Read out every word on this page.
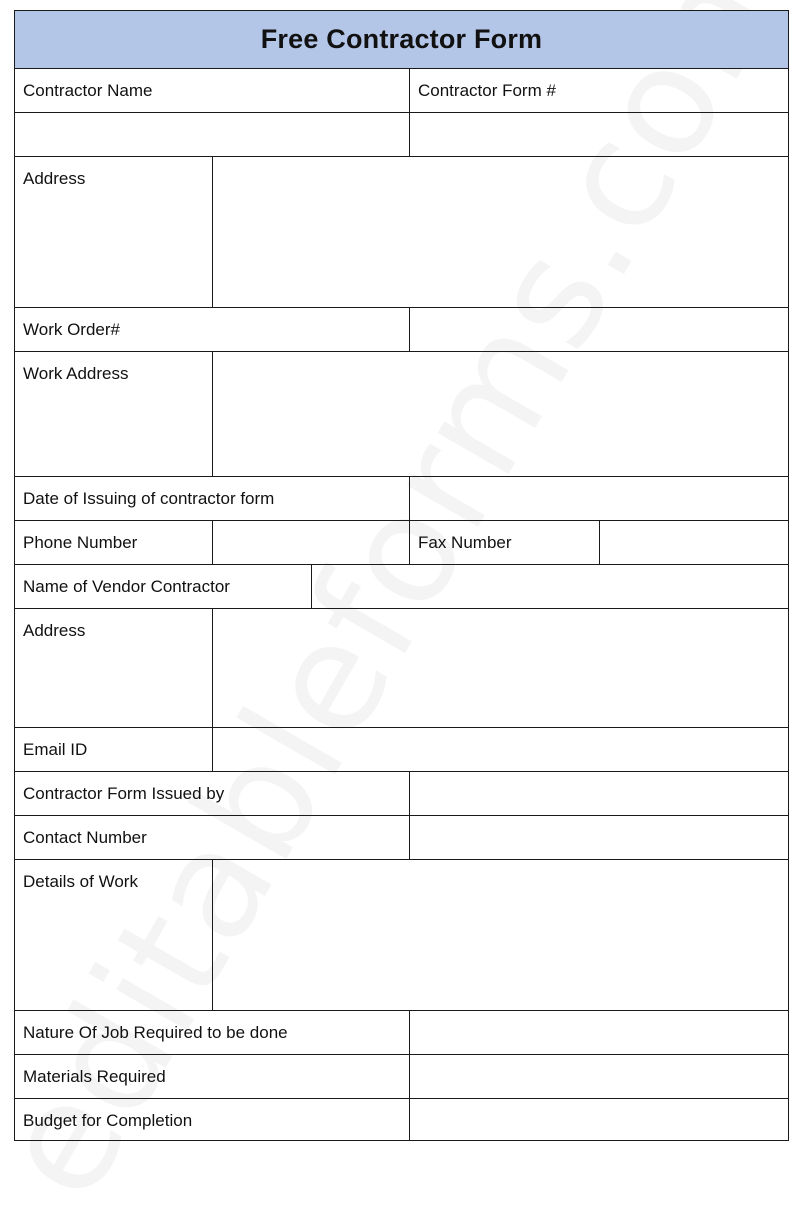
Free Contractor Form
Contractor Name	Contractor Form #
Address
Work Order#
Work Address
Date of Issuing of contractor form
Phone Number	Fax Number
Name of Vendor Contractor
Address
Email ID
Contractor Form Issued by
Contact Number
Details of Work
Nature Of Job Required to be done
Materials Required
Budget for Completion
